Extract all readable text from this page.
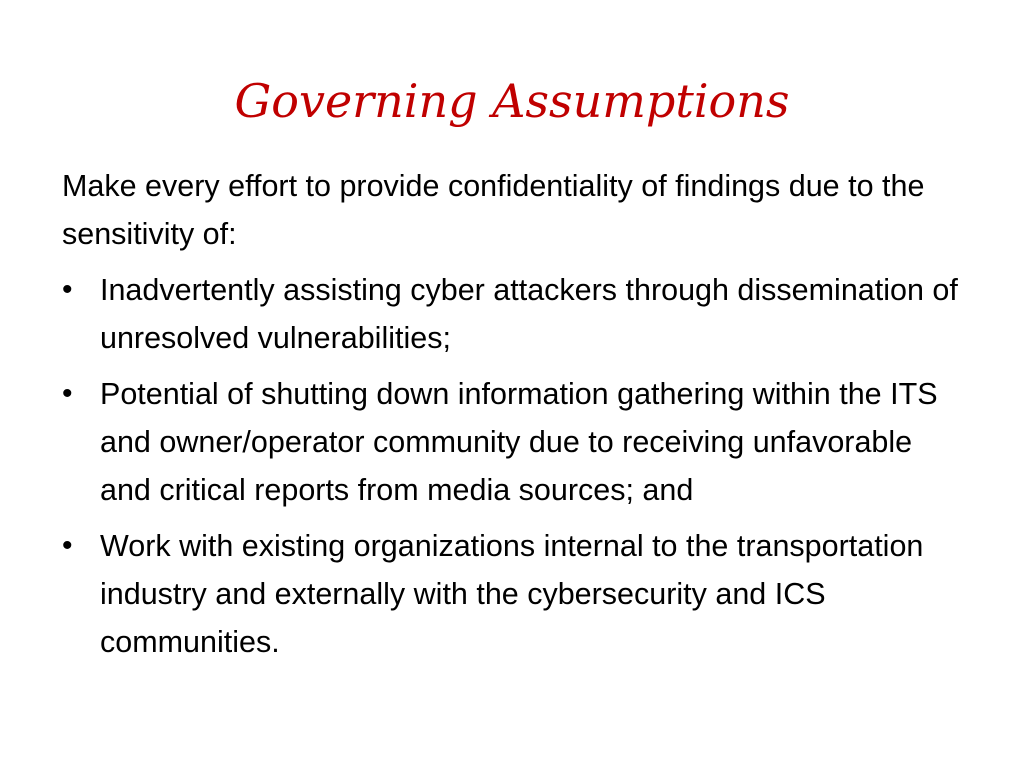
Governing Assumptions

Make every effort to provide confidentiality of findings due to the sensitivity of:

• Inadvertently assisting cyber attackers through dissemination of unresolved vulnerabilities;
• Potential of shutting down information gathering within the ITS and owner/operator community due to receiving unfavorable and critical reports from media sources; and
• Work with existing organizations internal to the transportation industry and externally with the cybersecurity and ICS communities.
